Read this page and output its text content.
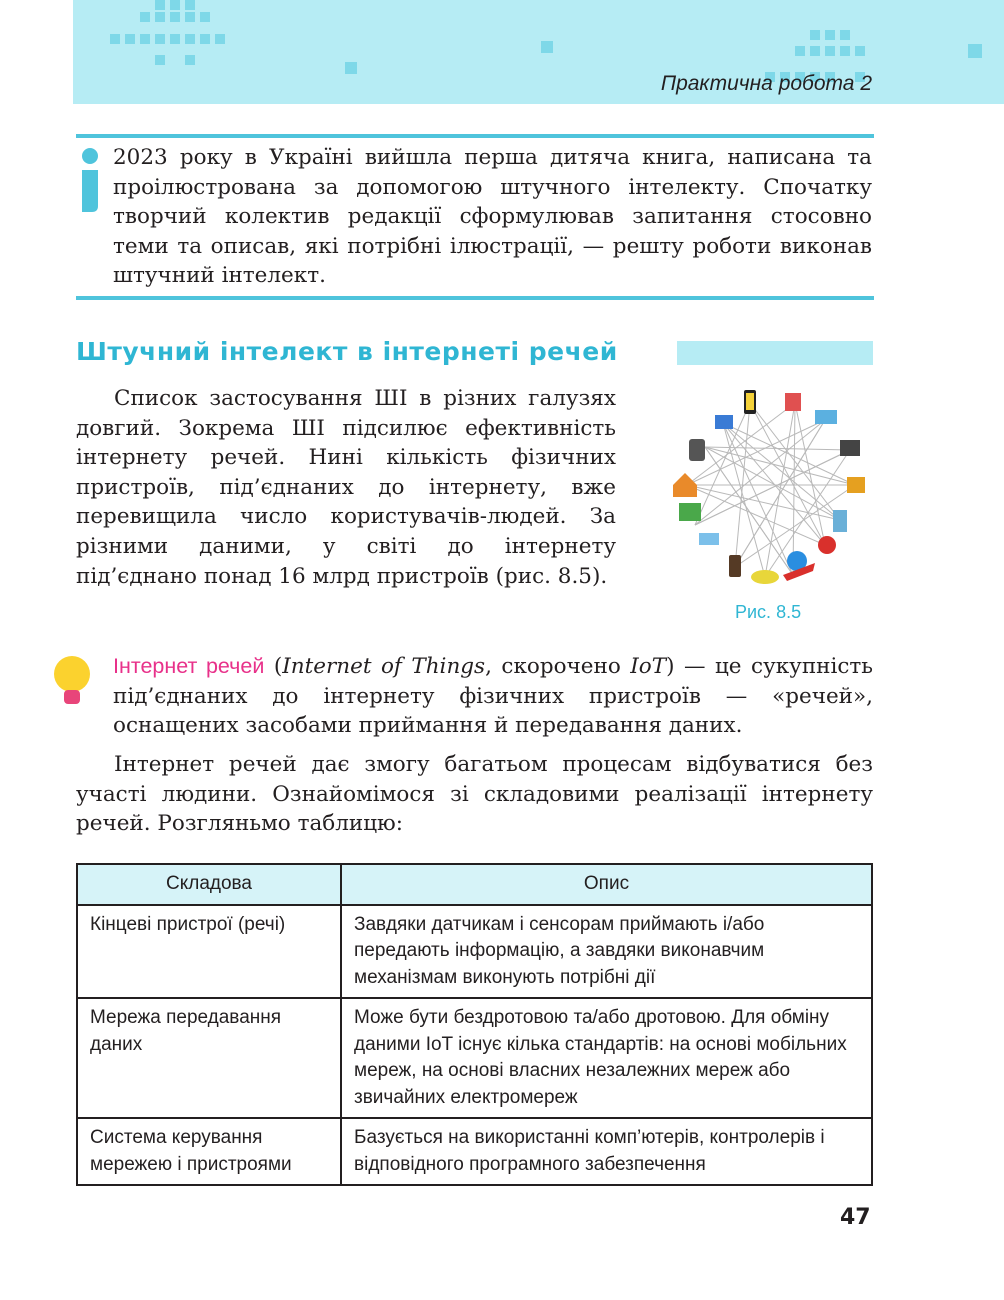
Практична робота 2
2023 року в Україні вийшла перша дитяча книга, написана та проілюстрована за допомогою штучного інтелекту. Спочатку творчий колектив редакції сформулював запитання стосовно теми та описав, які потрібні ілюстрації, — решту роботи виконав штучний інтелект.
Штучний інтелект в інтернеті речей
Список застосування ШІ в різних галузях довгий. Зокрема ШІ підсилює ефективність інтернету речей. Нині кількість фізичних пристроїв, під’єднаних до інтернету, вже перевищила число користувачів-людей. За різними даними, у світі до інтернету під’єднано понад 16 млрд пристроїв (рис. 8.5).
Рис. 8.5
Інтернет речей (Internet of Things, скорочено IoT) — це сукупність під’єднаних до інтернету фізичних пристроїв — «речей», оснащених засобами приймання й передавання даних.
Інтернет речей дає змогу багатьом процесам відбуватися без участі людини. Ознайомімося зі складовими реалізації інтернету речей. Розгляньмо таблицю:
Складова	Опис
Кінцеві пристрої (речі)	Завдяки датчикам і сенсорам приймають і/або передають інформацію, а завдяки виконавчим механізмам виконують потрібні дії
Мережа передавання даних	Може бути бездротовою та/або дротовою. Для обміну даними IoT існує кілька стандартів: на основі мобільних мереж, на основі власних незалежних мереж або звичайних електромереж
Система керування мережею і пристроями	Базується на використанні комп’ютерів, контролерів і відповідного програмного забезпечення
47
